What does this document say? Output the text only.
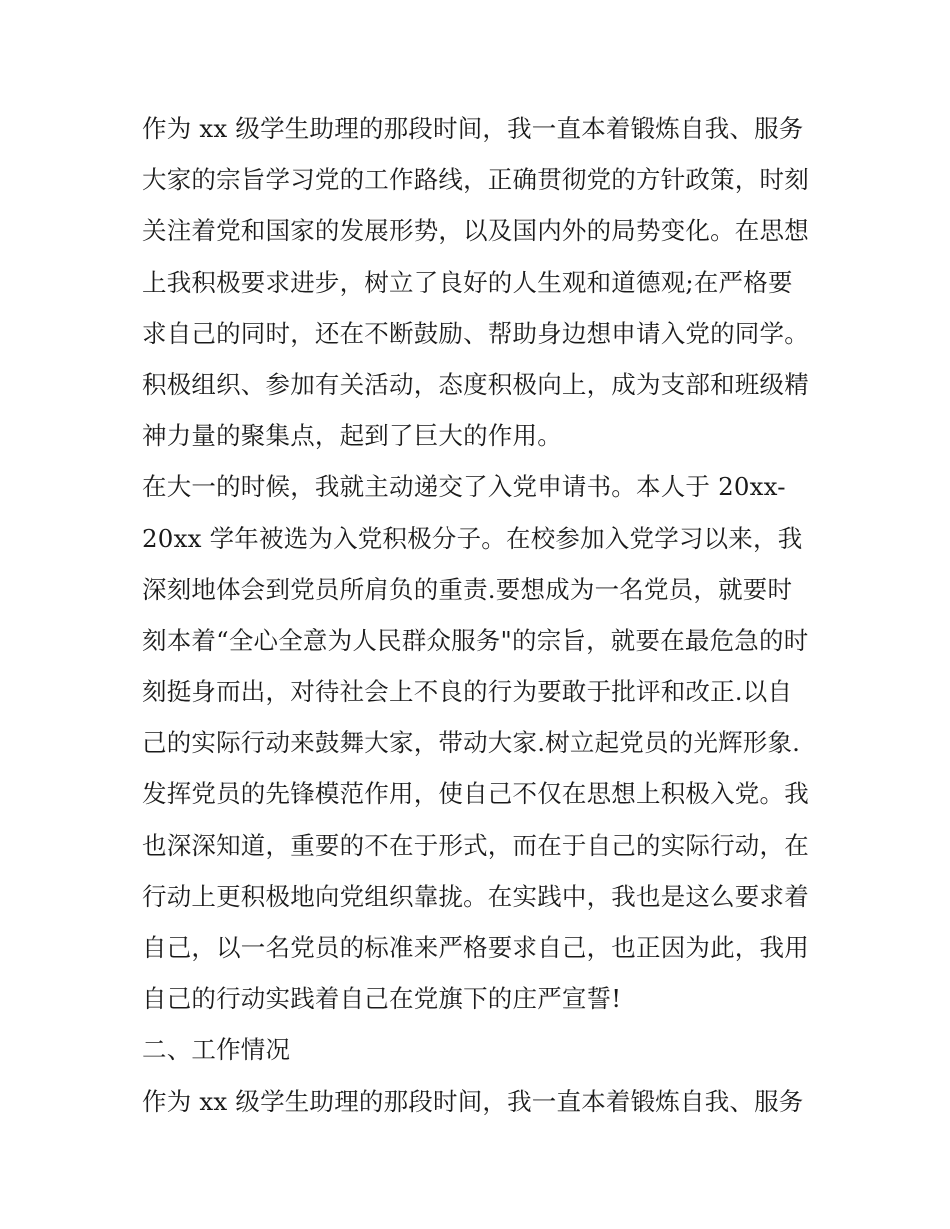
作为 xx 级学生助理的那段时间，我一直本着锻炼自我、服务
大家的宗旨学习党的工作路线，正确贯彻党的方针政策，时刻
关注着党和国家的发展形势，以及国内外的局势变化。在思想
上我积极要求进步，树立了良好的人生观和道德观;在严格要
求自己的同时，还在不断鼓励、帮助身边想申请入党的同学。
积极组织、参加有关活动，态度积极向上，成为支部和班级精
神力量的聚集点，起到了巨大的作用。
在大一的时候，我就主动递交了入党申请书。本人于 20xx-
20xx 学年被选为入党积极分子。在校参加入党学习以来，我
深刻地体会到党员所肩负的重责.要想成为一名党员，就要时
刻本着“全心全意为人民群众服务"的宗旨，就要在最危急的时
刻挺身而出，对待社会上不良的行为要敢于批评和改正.以自
己的实际行动来鼓舞大家，带动大家.树立起党员的光辉形象.
发挥党员的先锋模范作用，使自己不仅在思想上积极入党。我
也深深知道，重要的不在于形式，而在于自己的实际行动，在
行动上更积极地向党组织靠拢。在实践中，我也是这么要求着
自己，以一名党员的标准来严格要求自己，也正因为此，我用
自己的行动实践着自己在党旗下的庄严宣誓!
二、工作情况
作为 xx 级学生助理的那段时间，我一直本着锻炼自我、服务
